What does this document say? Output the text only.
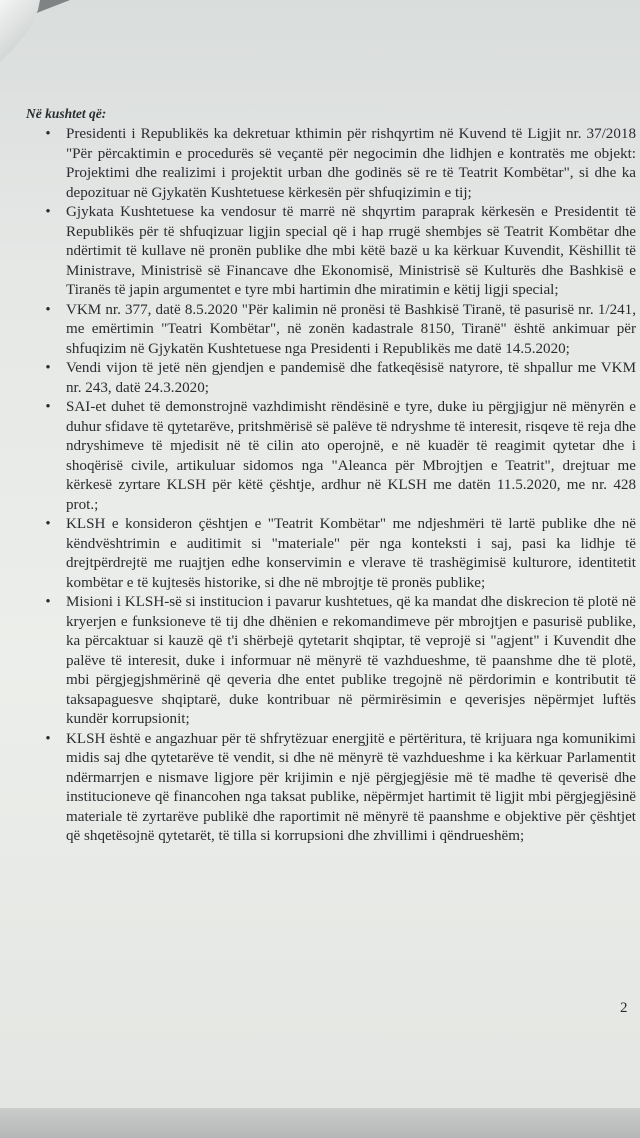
Në kushtet që:

•	Presidenti i Republikës ka dekretuar kthimin për rishqyrtim në Kuvend të Ligjit nr. 37/2018 "Për përcaktimin e procedurës së veçantë për negocimin dhe lidhjen e kontratës me objekt: Projektimi dhe realizimi i projektit urban dhe godinës së re të Teatrit Kombëtar", si dhe ka depozituar në Gjykatën Kushtetuese kërkesën për shfuqizimin e tij;
•	Gjykata Kushtetuese ka vendosur të marrë në shqyrtim paraprak kërkesën e Presidentit të Republikës për të shfuqizuar ligjin special që i hap rrugë shembjes së Teatrit Kombëtar dhe ndërtimit të kullave në pronën publike dhe mbi këtë bazë u ka kërkuar Kuvendit, Këshillit të Ministrave, Ministrisë së Financave dhe Ekonomisë, Ministrisë së Kulturës dhe Bashkisë e Tiranës të japin argumentet e tyre mbi hartimin dhe miratimin e këtij ligji special;
•	VKM nr. 377, datë 8.5.2020 "Për kalimin në pronësi të Bashkisë Tiranë, të pasurisë nr. 1/241, me emërtimin "Teatri Kombëtar", në zonën kadastrale 8150, Tiranë" është ankimuar për shfuqizim në Gjykatën Kushtetuese nga Presidenti i Republikës me datë 14.5.2020;
•	Vendi vijon të jetë nën gjendjen e pandemisë dhe fatkeqësisë natyrore, të shpallur me VKM nr. 243, datë 24.3.2020;
•	SAI-et duhet të demonstrojnë vazhdimisht rëndësinë e tyre, duke iu përgjigjur në mënyrën e duhur sfidave të qytetarëve, pritshmërisë së palëve të ndryshme të interesit, risqeve të reja dhe ndryshimeve të mjedisit në të cilin ato operojnë, e në kuadër të reagimit qytetar dhe i shoqërisë civile, artikuluar sidomos nga "Aleanca për Mbrojtjen e Teatrit", drejtuar me kërkesë zyrtare KLSH për këtë çështje, ardhur në KLSH me datën 11.5.2020, me nr. 428 prot.;
•	KLSH e konsideron çështjen e "Teatrit Kombëtar" me ndjeshmëri të lartë publike dhe në këndvështrimin e auditimit si "materiale" për nga konteksti i saj, pasi ka lidhje të drejtpërdrejtë me ruajtjen edhe konservimin e vlerave të trashëgimisë kulturore, identitetit kombëtar e të kujtesës historike, si dhe në mbrojtje të pronës publike;
•	Misioni i KLSH-së si institucion i pavarur kushtetues, që ka mandat dhe diskrecion të plotë në kryerjen e funksioneve të tij dhe dhënien e rekomandimeve për mbrojtjen e pasurisë publike, ka përcaktuar si kauzë që t'i shërbejë qytetarit shqiptar, të veprojë si "agjent" i Kuvendit dhe palëve të interesit, duke i informuar në mënyrë të vazhdueshme, të paanshme dhe të plotë, mbi përgjegjshmërinë që qeveria dhe entet publike tregojnë në përdorimin e kontributit të taksapaguesve shqiptarë, duke kontribuar në përmirësimin e qeverisjes nëpërmjet luftës kundër korrupsionit;
•	KLSH është e angazhuar për të shfrytëzuar energjitë e përtëritura, të krijuara nga komunikimi midis saj dhe qytetarëve të vendit, si dhe në mënyrë të vazhdueshme i ka kërkuar Parlamentit ndërmarrjen e nismave ligjore për krijimin e një përgjegjësie më të madhe të qeverisë dhe institucioneve që financohen nga taksat publike, nëpërmjet hartimit të ligjit mbi përgjegjësinë materiale të zyrtarëve publikë dhe raportimit në mënyrë të paanshme e objektive për çështjet që shqetësojnë qytetarët, të tilla si korrupsioni dhe zhvillimi i qëndrueshëm;
2
